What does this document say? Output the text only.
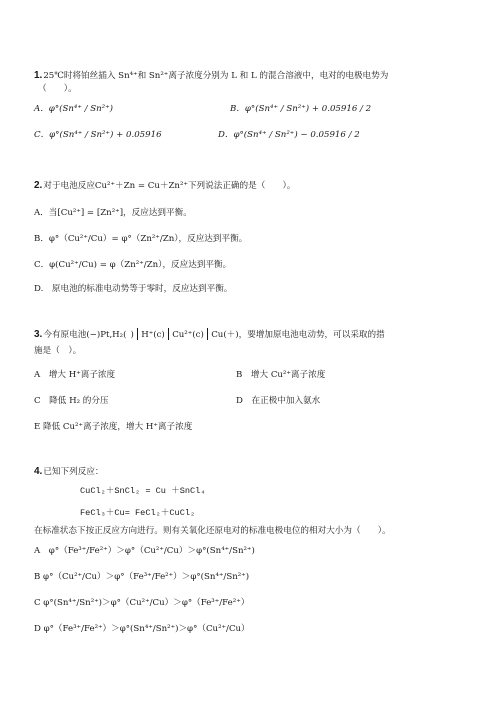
1.25℃时将铂丝插入 Sn⁴⁺和 Sn²⁺离子浓度分别为 L 和 L 的混合溶液中，电对的电极电势为
（　　）。
A．φ°(Sn⁴⁺ / Sn²⁺)	B．φ°(Sn⁴⁺ / Sn²⁺) + 0.05916 / 2
C．φ°(Sn⁴⁺ / Sn²⁺) + 0.05916	D．φ°(Sn⁴⁺ / Sn²⁺) − 0.05916 / 2
2.对于电池反应Cu²⁺＋Zn = Cu＋Zn²⁺下列说法正确的是（　　）。
A．当[Cu²⁺] = [Zn²⁺]，反应达到平衡。
B．φ°（Cu²⁺/Cu）= φ°（Zn²⁺/Zn），反应达到平衡。
C．φ(Cu²⁺/Cu) = φ（Zn²⁺/Zn），反应达到平衡。
D.　原电池的标准电动势等于零时，反应达到平衡。
3.今有原电池(−)Pt,H₂( ) H⁺(c) Cu²⁺(c) Cu(＋)，要增加原电池电动势，可以采取的措
施是（　）。
A　增大 H⁺离子浓度	B　增大 Cu²⁺离子浓度
C　降低 H₂ 的分压	D　在正极中加入氨水
E 降低 Cu²⁺离子浓度，增大 H⁺离子浓度
4.已知下列反应：
CuCl₂＋SnCl₂ = Cu ＋SnCl₄
FeCl₃＋Cu= FeCl₂＋CuCl₂
在标准状态下按正反应方向进行。则有关氧化还原电对的标准电极电位的相对大小为（　　）。
A　φ°（Fe³⁺/Fe²⁺）＞φ°（Cu²⁺/Cu）＞φ°(Sn⁴⁺/Sn²⁺)
B φ°（Cu²⁺/Cu）＞φ°（Fe³⁺/Fe²⁺）＞φ°(Sn⁴⁺/Sn²⁺)
C φ°(Sn⁴⁺/Sn²⁺)＞φ°（Cu²⁺/Cu）＞φ°（Fe³⁺/Fe²⁺）
D φ°（Fe³⁺/Fe²⁺）＞φ°(Sn⁴⁺/Sn²⁺)＞φ°（Cu²⁺/Cu）
